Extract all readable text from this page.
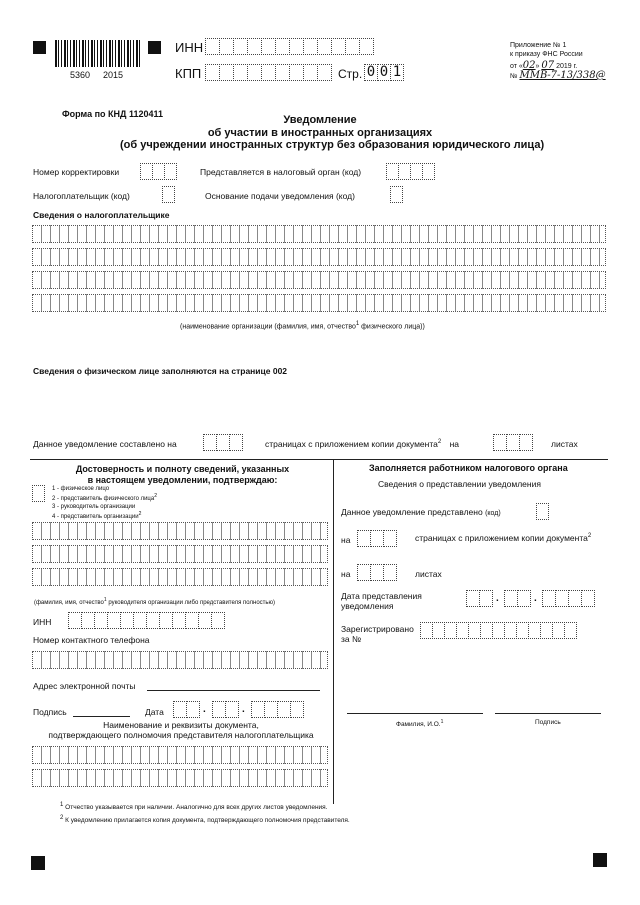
5360 2015
ИНН
КПП	Стр. 0 0 1
Приложение № 1
к приказу ФНС России
от «02» 07 2019 г.
№ ММВ-7-13/338@
Форма по КНД 1120411	Уведомление
об участии в иностранных организациях
(об учреждении иностранных структур без образования юридического лица)
Номер корректировки	Представляется в налоговый орган (код)
Налогоплательщик (код)	Основание подачи уведомления (код)
Сведения о налогоплательщике
(наименование организации (фамилия, имя, отчество$^1$ физического лица))
Сведения о физическом лице заполняются на странице 002
Данное уведомление составлено на	страницах с приложением копии документа$^2$ на	листах
Достоверность и полноту сведений, указанных
в настоящем уведомлении, подтверждаю:
1 - физическое лицо
2 - представитель физического лица$^2$
3 - руководитель организации
4 - представитель организации$^2$
(фамилия, имя, отчество$^1$ руководителя организации либо представителя полностью)
ИНН
Номер контактного телефона
Адрес электронной почты
Подпись	Дата	.	.
Наименование и реквизиты документа,
подтверждающего полномочия представителя налогоплательщика
Заполняется работником налогового органа
Сведения о представлении уведомления
Данное уведомление представлено (код)
на	страницах с приложением копии документа$^2$
на	листах
Дата представления
уведомления
.	.
Зарегистрировано
за №
Фамилия, И.О.$^1$	Подпись
$^1$ Отчество указывается при наличии. Аналогично для всех других листов уведомления.
$^2$ К уведомлению прилагается копия документа, подтверждающего полномочия представителя.
